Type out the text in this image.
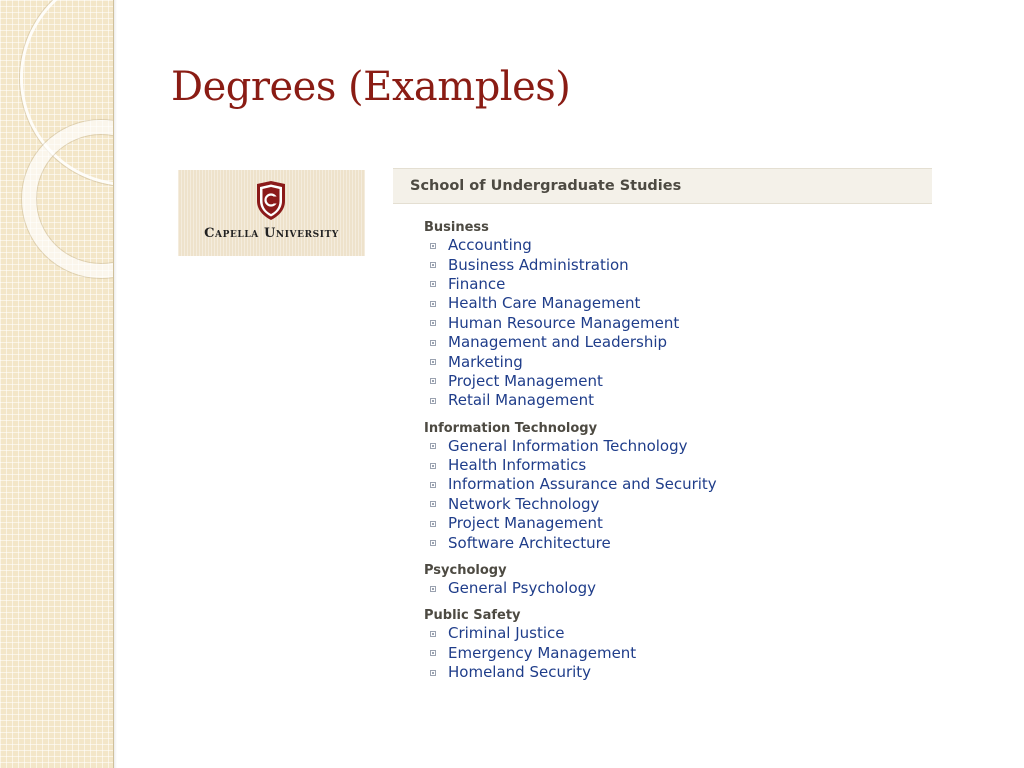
Degrees (Examples)
Capella University
School of Undergraduate Studies
Business
Accounting
Business Administration
Finance
Health Care Management
Human Resource Management
Management and Leadership
Marketing
Project Management
Retail Management
Information Technology
General Information Technology
Health Informatics
Information Assurance and Security
Network Technology
Project Management
Software Architecture
Psychology
General Psychology
Public Safety
Criminal Justice
Emergency Management
Homeland Security
